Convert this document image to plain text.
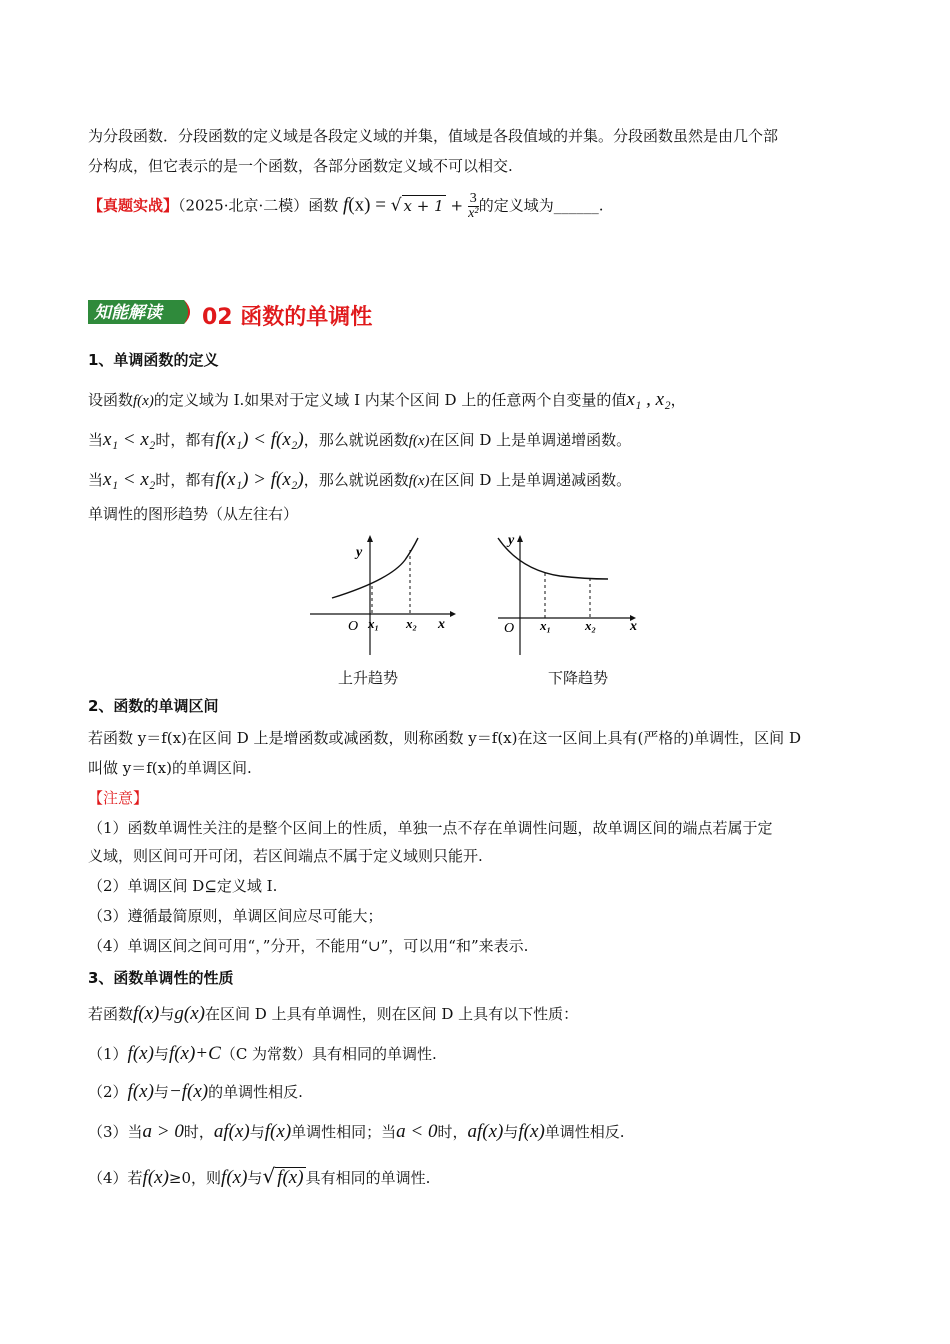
为分段函数．分段函数的定义域是各段定义域的并集，值域是各段值域的并集。分段函数虽然是由几个部
分构成，但它表示的是一个函数，各部分函数定义域不可以相交.
【真题实战】（2025·北京·二模）函数 f(x) = √ $x + 1 + \frac{3}{\text{x²}}$ 的定义域为______.
知能解读 02 函数的单调性
1、单调函数的定义
设函数f(x)的定义域为 I.如果对于定义域 I 内某个区间 D 上的任意两个自变量的值x₁ , x₂，
当x₁ < x₂时，都有f(x₁) < f(x₂)，那么就说函数f(x)在区间 D 上是单调递增函数。
当x₁ < x₂时，都有f(x₁) > f(x₂)，那么就说函数f(x)在区间 D 上是单调递减函数。
单调性的图形趋势（从左往右）
y
x
O x₁ x₂
y
x
O x₁	x₂
上升趋势	下降趋势
2、函数的单调区间
若函数 y＝f(x)在区间 D 上是增函数或减函数，则称函数 y＝f(x)在这一区间上具有(严格的)单调性，区间 D
叫做 y＝f(x)的单调区间.
【注意】
（1）函数单调性关注的是整个区间上的性质，单独一点不存在单调性问题，故单调区间的端点若属于定
义域，则区间可开可闭，若区间端点不属于定义域则只能开.
（2）单调区间 D⊆定义域 I.
（3）遵循最简原则，单调区间应尽可能大；
（4）单调区间之间可用“，”分开，不能用“∪”，可以用“和”来表示.
3、函数单调性的性质
若函数f(x)与g(x)在区间 D 上具有单调性，则在区间 D 上具有以下性质：
（1）f(x)与f(x)+C（C 为常数）具有相同的单调性.
（2）f(x)与−f(x)的单调性相反.
（3）当a > 0时，af(x)与f(x)单调性相同；当a < 0时，af(x)与f(x)单调性相反.
（4）若f(x)≥0，则f(x)与√ f(x) 具有相同的单调性.
